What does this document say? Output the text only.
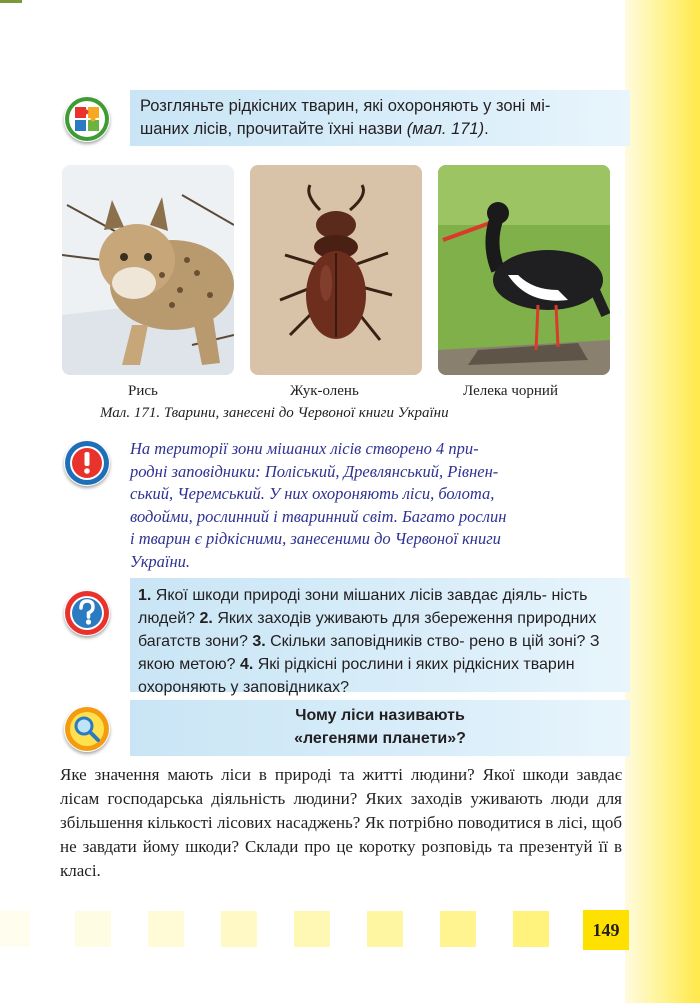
Розгляньте рідкісних тварин, які охороняють у зоні мі-
шаних лісів, прочитайте їхні назви (мал. 171).
Рись	Жук-олень	Лелека чорний
Мал. 171. Тварини, занесені до Червоної книги України
На території зони мішаних лісів створено 4 при-
родні заповідники: Поліський, Древлянський, Рівнен-
ський, Черемський. У них охороняють ліси, болота,
водойми, рослинний і тваринний світ. Багато рослин
і тварин є рідкісними, занесеними до Червоної книги
України.
1. Якої шкоди природі зони мішаних лісів завдає діяль- ність людей? 2. Яких заходів уживають для збереження природних багатств зони? 3. Скільки заповідників ство- рено в цій зоні? З якою метою? 4. Які рідкісні рослини і яких рідкісних тварин охороняють у заповідниках?
Чому ліси називають
«легенями планети»?
Яке значення мають ліси в природі та житті людини? Якої шкоди завдає лісам господарська діяльність людини? Яких заходів уживають люди для збільшення кількості лісових насаджень? Як потрібно поводитися в лісі, щоб не завдати йому шкоди? Склади про це коротку розповідь та презентуй її в класі.
149
